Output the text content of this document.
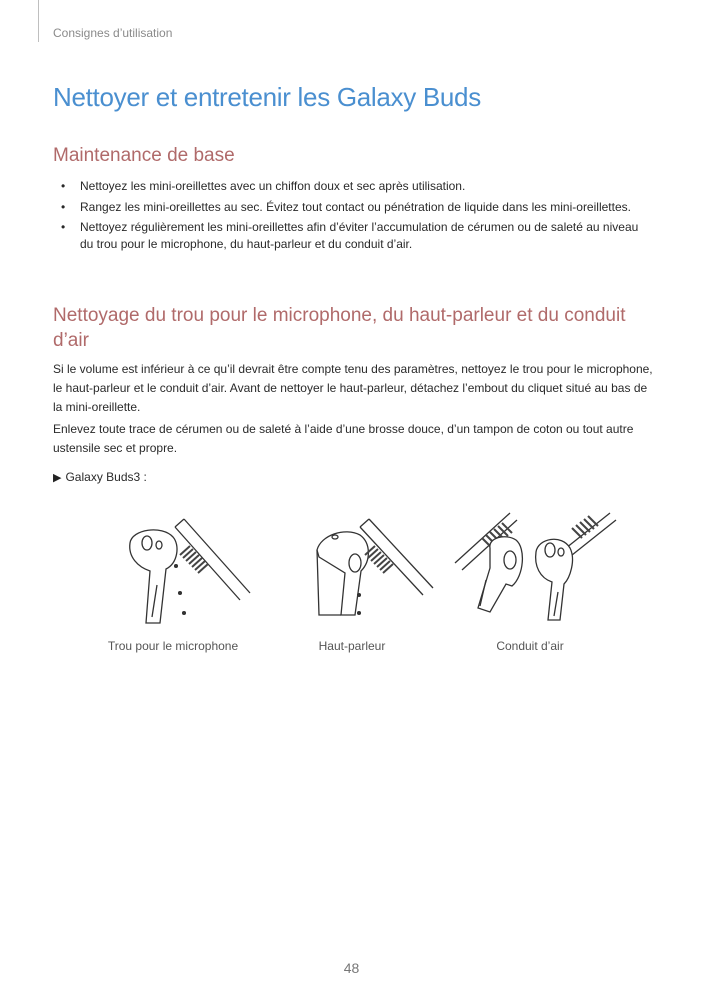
Consignes d’utilisation
Nettoyer et entretenir les Galaxy Buds
Maintenance de base
• Nettoyez les mini-oreillettes avec un chiffon doux et sec après utilisation.
• Rangez les mini-oreillettes au sec. Évitez tout contact ou pénétration de liquide dans les mini-oreillettes.
• Nettoyez régulièrement les mini-oreillettes afin d’éviter l’accumulation de cérumen ou de saleté au niveau du trou pour le microphone, du haut-parleur et du conduit d’air.
Nettoyage du trou pour le microphone, du haut-parleur et du conduit d’air

Si le volume est inférieur à ce qu’il devrait être compte tenu des paramètres, nettoyez le trou pour le microphone, le haut-parleur et le conduit d’air. Avant de nettoyer le haut-parleur, détachez l’embout du cliquet situé au bas de la mini-oreillette.

Enlevez toute trace de cérumen ou de saleté à l’aide d’une brosse douce, d’un tampon de coton ou tout autre ustensile sec et propre.

▶ Galaxy Buds3 :
Trou pour le microphone	Haut-parleur	Conduit d’air
48
